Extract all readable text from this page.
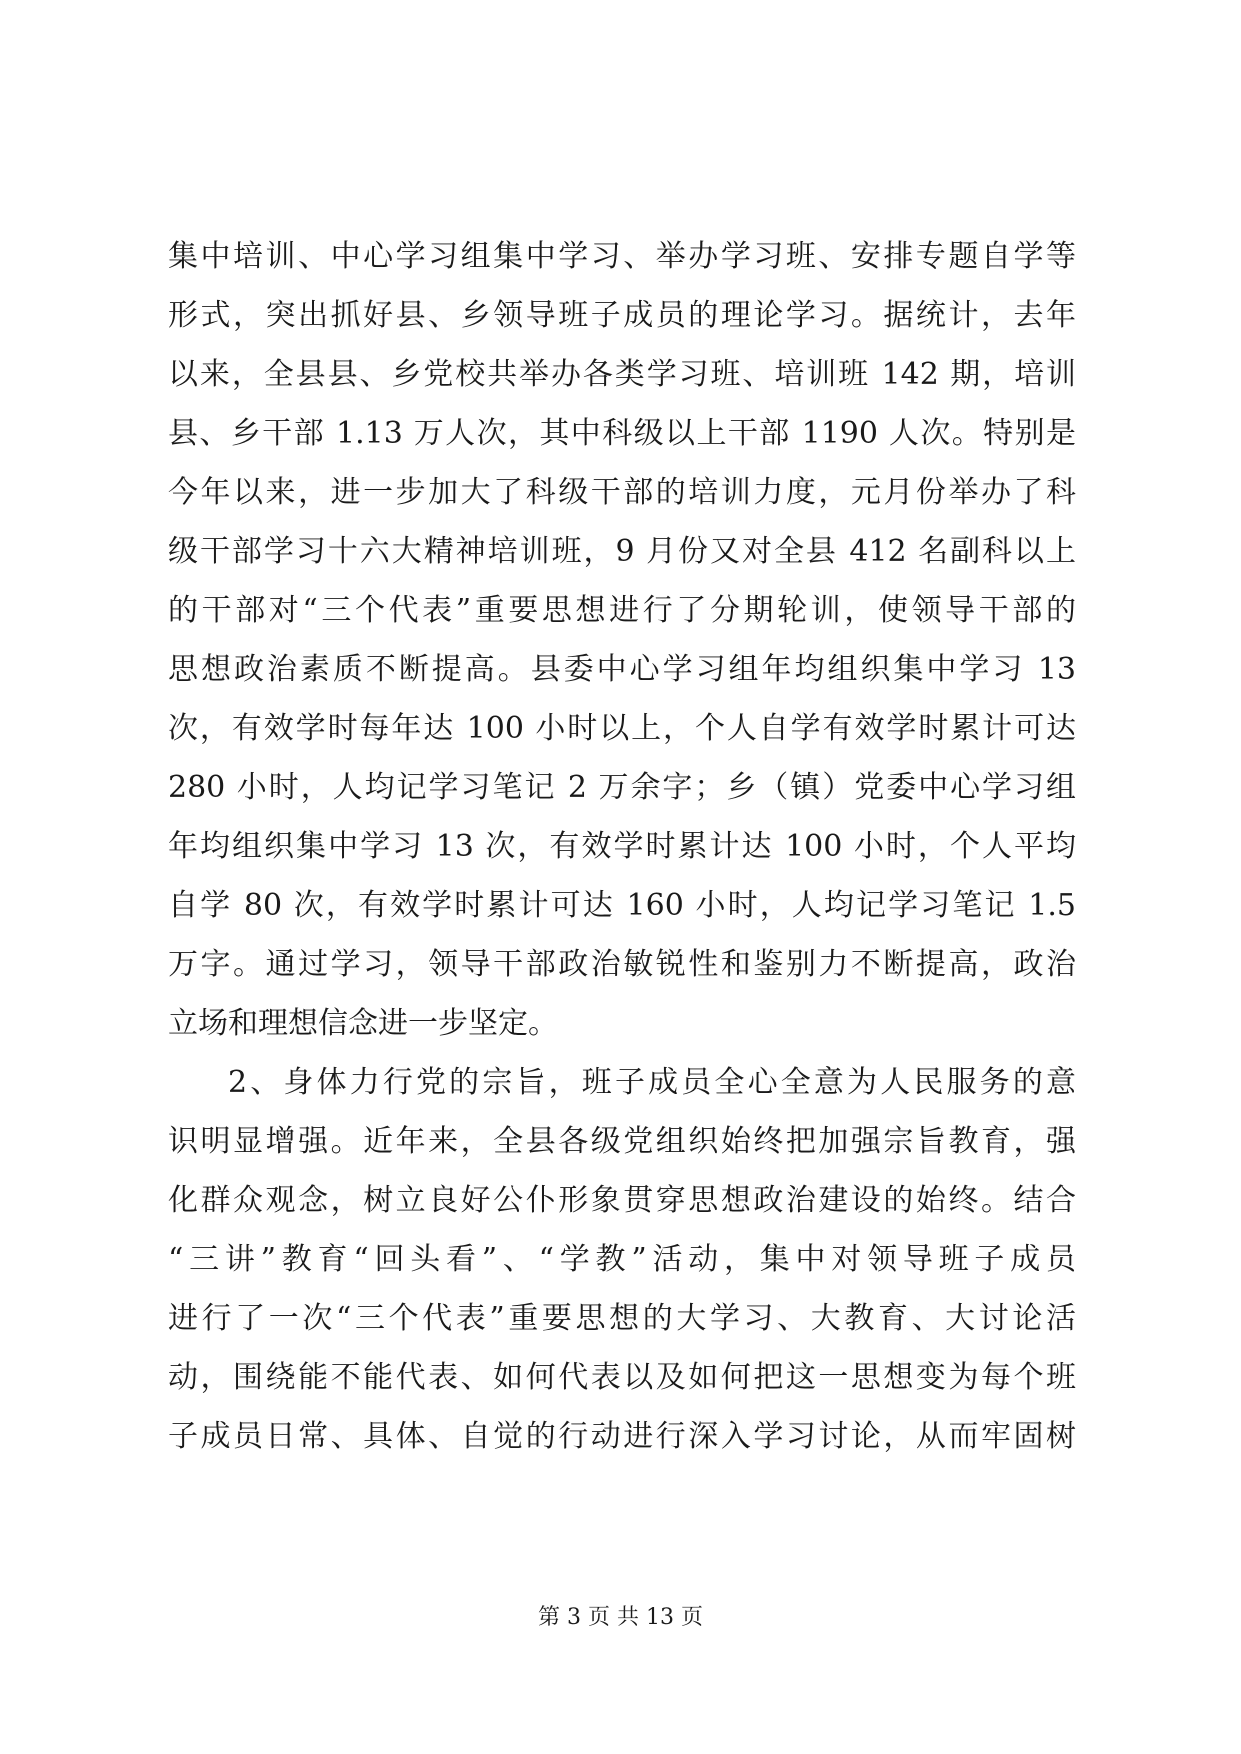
集中培训、中心学习组集中学习、举办学习班、安排专题自学等
形式，突出抓好县、乡领导班子成员的理论学习。据统计，去年
以来，全县县、乡党校共举办各类学习班、培训班 142 期，培训
县、乡干部 1.13 万人次，其中科级以上干部 1190 人次。特别是
今年以来，进一步加大了科级干部的培训力度，元月份举办了科
级干部学习十六大精神培训班，9 月份又对全县 412 名副科以上
的干部对“三个代表”重要思想进行了分期轮训，使领导干部的
思想政治素质不断提高。县委中心学习组年均组织集中学习 13
次，有效学时每年达 100 小时以上，个人自学有效学时累计可达
280 小时，人均记学习笔记 2 万余字；乡（镇）党委中心学习组
年均组织集中学习 13 次，有效学时累计达 100 小时，个人平均
自学 80 次，有效学时累计可达 160 小时，人均记学习笔记 1.5
万字。通过学习，领导干部政治敏锐性和鉴别力不断提高，政治
立场和理想信念进一步坚定。
2、身体力行党的宗旨，班子成员全心全意为人民服务的意
识明显增强。近年来，全县各级党组织始终把加强宗旨教育，强
化群众观念，树立良好公仆形象贯穿思想政治建设的始终。结合
“三讲”教育“回头看”、“学教”活动，集中对领导班子成员
进行了一次“三个代表”重要思想的大学习、大教育、大讨论活
动，围绕能不能代表、如何代表以及如何把这一思想变为每个班
子成员日常、具体、自觉的行动进行深入学习讨论，从而牢固树
第 3 页 共 13 页
